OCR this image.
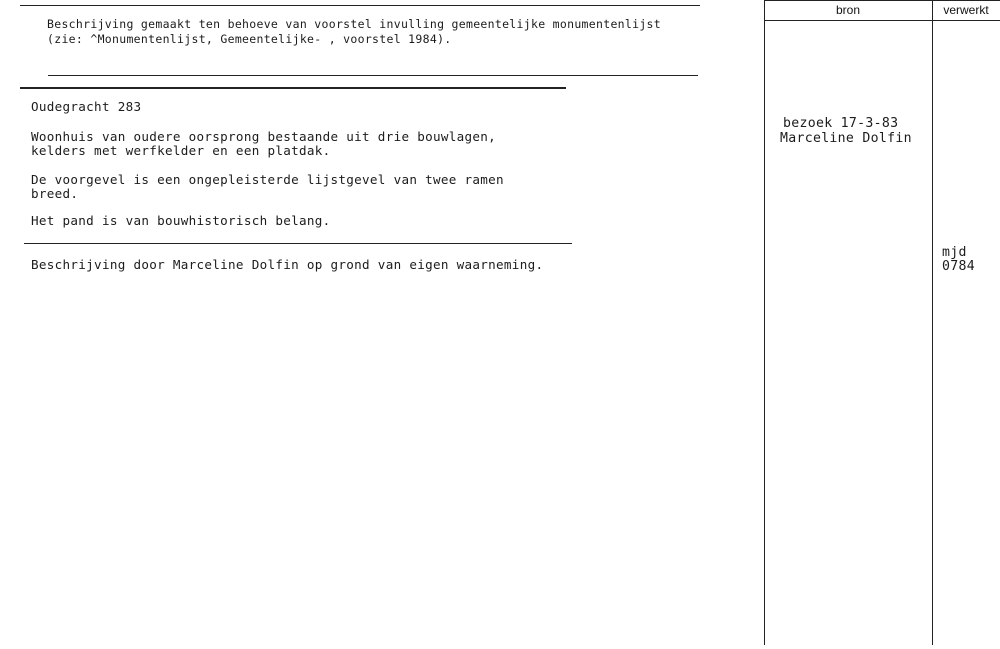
bron	verwerkt
Beschrijving gemaakt ten behoeve van voorstel invulling gemeentelijke monumentenlijst
(zie: ^Monumentenlijst, Gemeentelijke- , voorstel 1984).
Oudegracht 283
Woonhuis van oudere oorsprong bestaande uit drie bouwlagen,
kelders met werfkelder en een platdak.
De voorgevel is een ongepleisterde lijstgevel van twee ramen
breed.
Het pand is van bouwhistorisch belang.
Beschrijving door Marceline Dolfin op grond van eigen waarneming.
bezoek 17-3-83
Marceline Dolfin
mjd
0784
